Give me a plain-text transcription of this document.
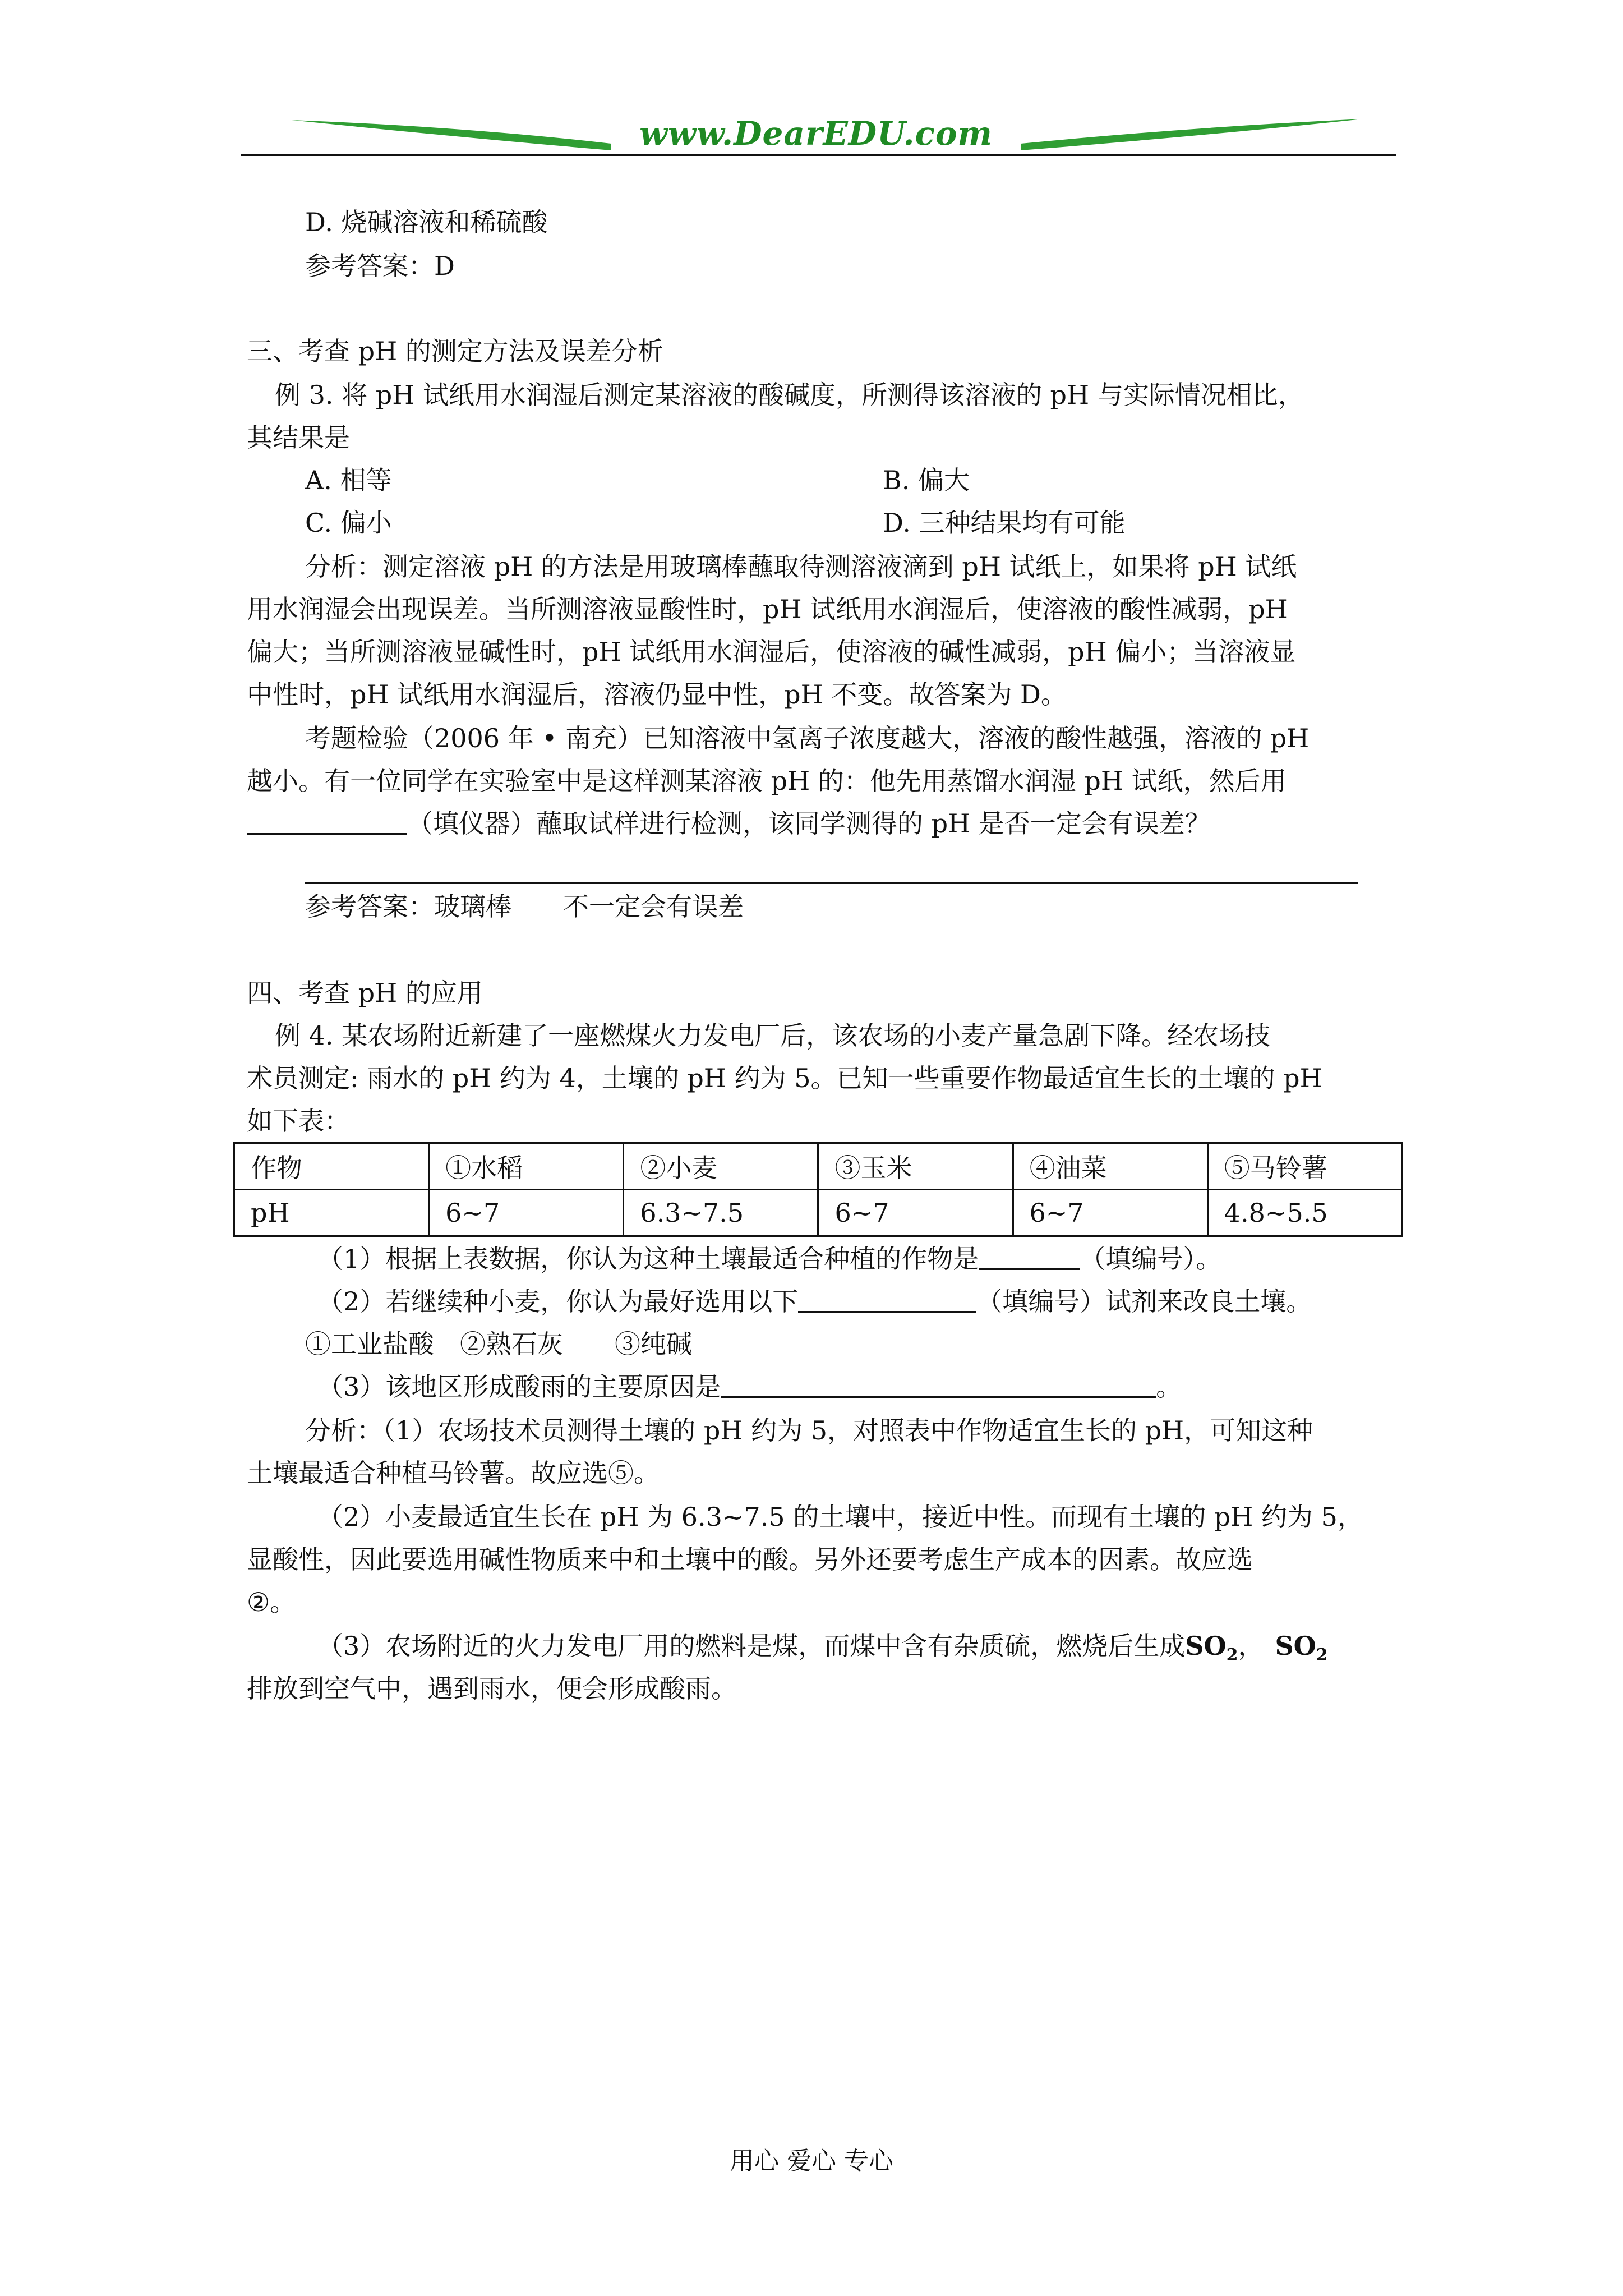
www.DearEDU.com
D. 烧碱溶液和稀硫酸
参考答案：D
三、考查 pH 的测定方法及误差分析
例 3. 将 pH 试纸用水润湿后测定某溶液的酸碱度，所测得该溶液的 pH 与实际情况相比，
其结果是
A. 相等	B. 偏大
C. 偏小	D. 三种结果均有可能
分析：测定溶液 pH 的方法是用玻璃棒蘸取待测溶液滴到 pH 试纸上，如果将 pH 试纸
用水润湿会出现误差。当所测溶液显酸性时，pH 试纸用水润湿后，使溶液的酸性减弱，pH
偏大；当所测溶液显碱性时，pH 试纸用水润湿后，使溶液的碱性减弱，pH 偏小；当溶液显
中性时，pH 试纸用水润湿后，溶液仍显中性，pH 不变。故答案为 D。
考题检验（2006 年 • 南充）已知溶液中氢离子浓度越大，溶液的酸性越强，溶液的 pH
越小。有一位同学在实验室中是这样测某溶液 pH 的：他先用蒸馏水润湿 pH 试纸，然后用
（填仪器）蘸取试样进行检测，该同学测得的 pH 是否一定会有误差？
参考答案：玻璃棒　　不一定会有误差
四、考查 pH 的应用
例 4. 某农场附近新建了一座燃煤火力发电厂后，该农场的小麦产量急剧下降。经农场技
术员测定: 雨水的 pH 约为 4，土壤的 pH 约为 5。已知一些重要作物最适宜生长的土壤的 pH
如下表：
作物	①水稻	②小麦	③玉米	④油菜	⑤马铃薯
pH	6~7	6.3~7.5	6~7	6~7	4.8~5.5
（1）根据上表数据，你认为这种土壤最适合种植的作物是	（填编号）。
（2）若继续种小麦，你认为最好选用以下	（填编号）试剂来改良土壤。
①工业盐酸　②熟石灰　　③纯碱
（3）该地区形成酸雨的主要原因是	。
分析：（1）农场技术员测得土壤的 pH 约为 5，对照表中作物适宜生长的 pH，可知这种
土壤最适合种植马铃薯。故应选⑤。
（2）小麦最适宜生长在 pH 为 6.3~7.5 的土壤中，接近中性。而现有土壤的 pH 约为 5，
显酸性，因此要选用碱性物质来中和土壤中的酸。另外还要考虑生产成本的因素。故应选
②。
（3）农场附近的火力发电厂用的燃料是煤，而煤中含有杂质硫，燃烧后生成$SO_2$， $SO_2$
排放到空气中，遇到雨水，便会形成酸雨。
用心 爱心 专心
